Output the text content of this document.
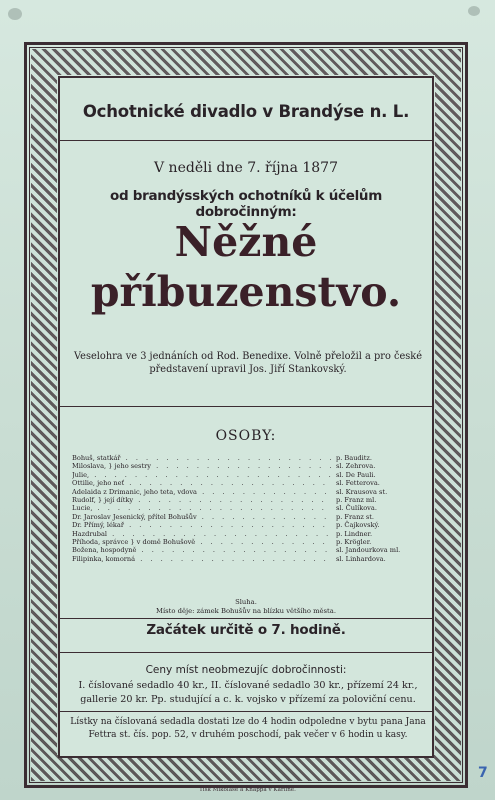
Ochotnické divadlo v Brandýse n. L.
V neděli dne 7. října 1877
od brandýsských ochotníků k účelům dobročinným:
Něžné
příbuzenstvo.
Veselohra ve 3 jednáních od Rod. Benedixe. Volně přeložil a pro české představení upravil Jos. Jiří Stankovský.
OSOBY:
Bohuš, statkář . . .	p. Bauditz.
Miloslava, } jeho sestry . . .	sl. Zehrova.
Julie, . . .	sl. De Pauli.
Ottilie, jeho neť . . .	sl. Fetterova.
Adelaida z Drimanic, jeho teta, vdova . . .	sl. Krausova st.
Rudolf, } její dítky . . .	p. Franz ml.
Lucie, . . .	sl. Čulíkova.
Dr. Jaroslav Jesenický, přítel Bohušův . . .	p. Franz st.
Dr. Přímý, lékař . . .	p. Čajkovský.
Hazdrubal . . .	p. Lindner.
Příhoda, správce } v domě Bohušově . . .	p. Krögler.
Božena, hospodyně . . .	sl. Jandourkova ml.
Filipinka, komorná . . .	sl. Linhardova.
Sluha.
Místo děje: zámek Bohušův na blízku většího města.
Začátek určitě o 7. hodině.
Ceny míst neobmezujíc dobročinnosti:
I. číslované sedadlo 40 kr., II. číslované sedadlo 30 kr., přízemí 24 kr., gallerie 20 kr. Pp. studující a c. k. vojsko v přízemí za poloviční cenu.
Lístky na číslovaná sedadla dostati lze do 4 hodin odpoledne v bytu pana Jana Fettra st. čís. pop. 52, v druhém poschodí, pak večer v 6 hodin u kasy.
Tisk Mikoláše a Knappa v Karlíně.
7
